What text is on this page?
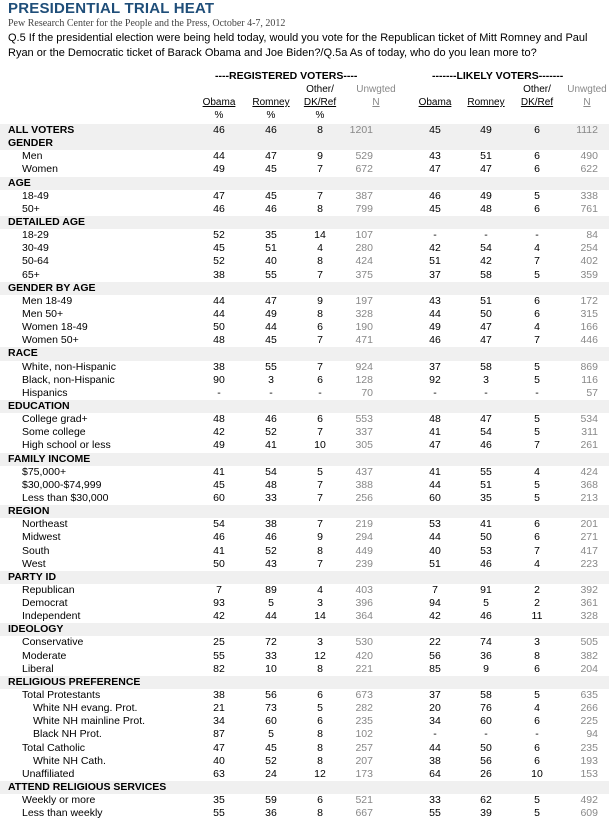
PRESIDENTIAL TRIAL HEAT
Pew Research Center for the People and the Press, October 4-7, 2012
Q.5 If the presidential election were being held today, would you vote for the Republican ticket of Mitt Romney and Paul Ryan or the Democratic ticket of Barack Obama and Joe Biden?/Q.5a As of today, who do you lean more to?
----REGISTERED VOTERS----	-------LIKELY VOTERS-------
Other/	Unwgted
Obama	Romney	DK/Ref	N
%	%	%
Other/	Unwgted
Obama	Romney	DK/Ref	N
ALL VOTERS	46	46	8	1201	45	49	6	1112
GENDER
Men	44	47	9	529	43	51	6	490
Women	49	45	7	672	47	47	6	622
AGE
18-49	47	45	7	387	46	49	5	338
50+	46	46	8	799	45	48	6	761
DETAILED AGE
18-29	52	35	14	107	-	-	-	84
30-49	45	51	4	280	42	54	4	254
50-64	52	40	8	424	51	42	7	402
65+	38	55	7	375	37	58	5	359
GENDER BY AGE
Men 18-49	44	47	9	197	43	51	6	172
Men 50+	44	49	8	328	44	50	6	315
Women 18-49	50	44	6	190	49	47	4	166
Women 50+	48	45	7	471	46	47	7	446
RACE
White, non-Hispanic	38	55	7	924	37	58	5	869
Black, non-Hispanic	90	3	6	128	92	3	5	116
Hispanics	-	-	-	70	-	-	-	57
EDUCATION
College grad+	48	46	6	553	48	47	5	534
Some college	42	52	7	337	41	54	5	311
High school or less	49	41	10	305	47	46	7	261
FAMILY INCOME
$75,000+	41	54	5	437	41	55	4	424
$30,000-$74,999	45	48	7	388	44	51	5	368
Less than $30,000	60	33	7	256	60	35	5	213
REGION
Northeast	54	38	7	219	53	41	6	201
Midwest	46	46	9	294	44	50	6	271
South	41	52	8	449	40	53	7	417
West	50	43	7	239	51	46	4	223
PARTY ID
Republican	7	89	4	403	7	91	2	392
Democrat	93	5	3	396	94	5	2	361
Independent	42	44	14	364	42	46	11	328
IDEOLOGY
Conservative	25	72	3	530	22	74	3	505
Moderate	55	33	12	420	56	36	8	382
Liberal	82	10	8	221	85	9	6	204
RELIGIOUS PREFERENCE
Total Protestants	38	56	6	673	37	58	5	635
White NH evang. Prot.	21	73	5	282	20	76	4	266
White NH mainline Prot.	34	60	6	235	34	60	6	225
Black NH Prot.	87	5	8	102	-	-	-	94
Total Catholic	47	45	8	257	44	50	6	235
White NH Cath.	40	52	8	207	38	56	6	193
Unaffiliated	63	24	12	173	64	26	10	153
ATTEND RELIGIOUS SERVICES
Weekly or more	35	59	6	521	33	62	5	492
Less than weekly	55	36	8	667	55	39	5	609
